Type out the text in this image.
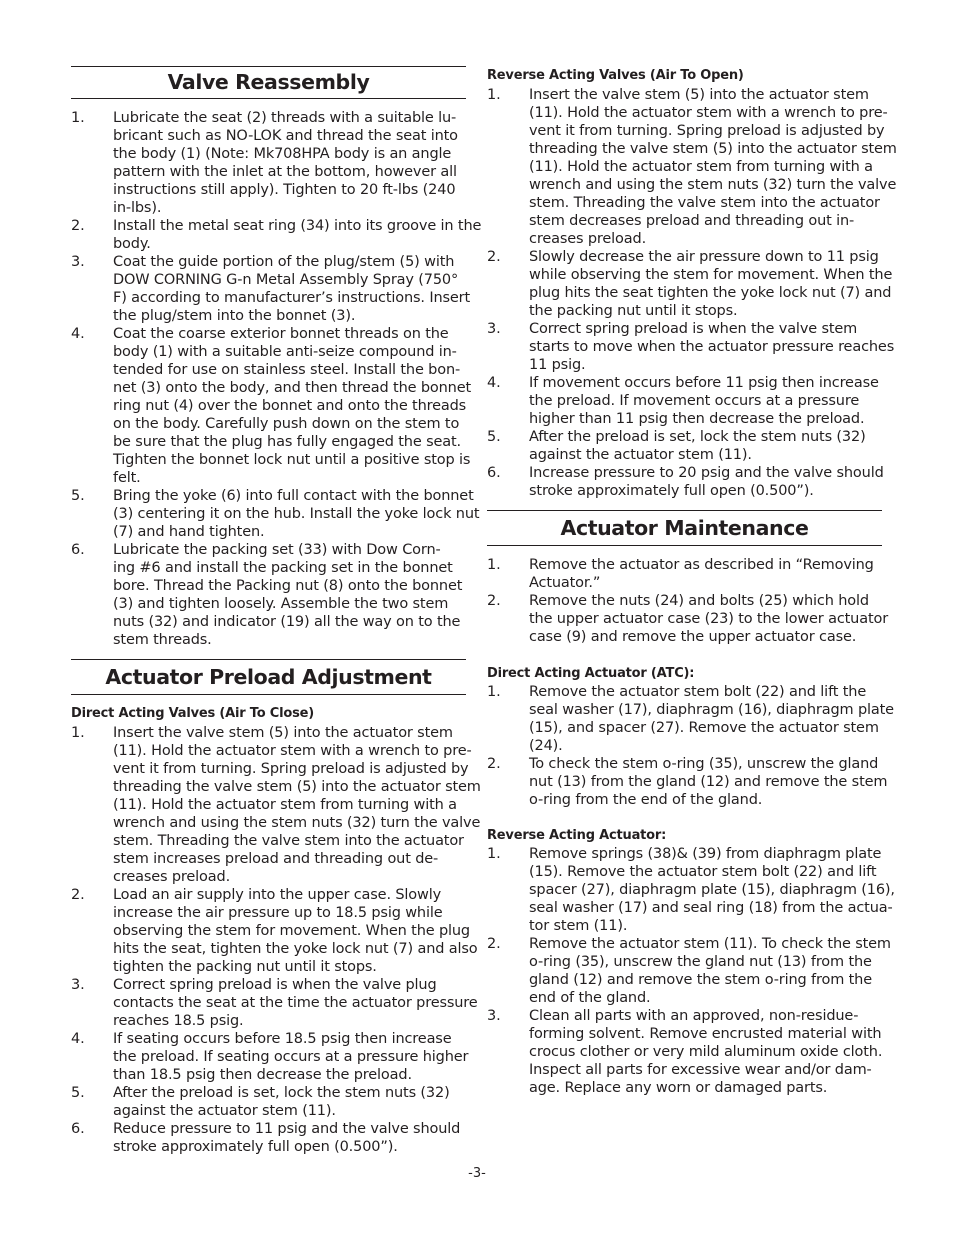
Valve Reassembly
1. Lubricate the seat (2) threads with a suitable lu-
bricant such as NO-LOK and thread the seat into
the body (1) (Note: Mk708HPA body is an angle
pattern with the inlet at the bottom, however all
instructions still apply). Tighten to 20 ft-lbs (240
in-lbs).
2. Install the metal seat ring (34) into its groove in the
body.
3. Coat the guide portion of the plug/stem (5) with
DOW CORNING G-n Metal Assembly Spray (750°
F) according to manufacturer’s instructions. Insert
the plug/stem into the bonnet (3).
4. Coat the coarse exterior bonnet threads on the
body (1) with a suitable anti-seize compound in-
tended for use on stainless steel. Install the bon-
net (3) onto the body, and then thread the bonnet
ring nut (4) over the bonnet and onto the threads
on the body. Carefully push down on the stem to
be sure that the plug has fully engaged the seat.
Tighten the bonnet lock nut until a positive stop is
felt.
5. Bring the yoke (6) into full contact with the bonnet
(3) centering it on the hub. Install the yoke lock nut
(7) and hand tighten.
6. Lubricate the packing set (33) with Dow Corn-
ing #6 and install the packing set in the bonnet
bore. Thread the Packing nut (8) onto the bonnet
(3) and tighten loosely. Assemble the two stem
nuts (32) and indicator (19) all the way on to the
stem threads.
Actuator Preload Adjustment
Direct Acting Valves (Air To Close)
1. Insert the valve stem (5) into the actuator stem
(11). Hold the actuator stem with a wrench to pre-
vent it from turning. Spring preload is adjusted by
threading the valve stem (5) into the actuator stem
(11). Hold the actuator stem from turning with a
wrench and using the stem nuts (32) turn the valve
stem. Threading the valve stem into the actuator
stem increases preload and threading out de-
creases preload.
2. Load an air supply into the upper case. Slowly
increase the air pressure up to 18.5 psig while
observing the stem for movement. When the plug
hits the seat, tighten the yoke lock nut (7) and also
tighten the packing nut until it stops.
3. Correct spring preload is when the valve plug
contacts the seat at the time the actuator pressure
reaches 18.5 psig.
4. If seating occurs before 18.5 psig then increase
the preload. If seating occurs at a pressure higher
than 18.5 psig then decrease the preload.
5. After the preload is set, lock the stem nuts (32)
against the actuator stem (11).
6. Reduce pressure to 11 psig and the valve should
stroke approximately full open (0.500”).
Reverse Acting Valves (Air To Open)
1. Insert the valve stem (5) into the actuator stem
(11). Hold the actuator stem with a wrench to pre-
vent it from turning. Spring preload is adjusted by
threading the valve stem (5) into the actuator stem
(11). Hold the actuator stem from turning with a
wrench and using the stem nuts (32) turn the valve
stem. Threading the valve stem into the actuator
stem decreases preload and threading out in-
creases preload.
2. Slowly decrease the air pressure down to 11 psig
while observing the stem for movement. When the
plug hits the seat tighten the yoke lock nut (7) and
the packing nut until it stops.
3. Correct spring preload is when the valve stem
starts to move when the actuator pressure reaches
11 psig.
4. If movement occurs before 11 psig then increase
the preload. If movement occurs at a pressure
higher than 11 psig then decrease the preload.
5. After the preload is set, lock the stem nuts (32)
against the actuator stem (11).
6. Increase pressure to 20 psig and the valve should
stroke approximately full open (0.500”).
Actuator Maintenance
1. Remove the actuator as described in “Removing
Actuator.”
2. Remove the nuts (24) and bolts (25) which hold
the upper actuator case (23) to the lower actuator
case (9) and remove the upper actuator case.
Direct Acting Actuator (ATC):
1. Remove the actuator stem bolt (22) and lift the
seal washer (17), diaphragm (16), diaphragm plate
(15), and spacer (27). Remove the actuator stem
(24).
2. To check the stem o-ring (35), unscrew the gland
nut (13) from the gland (12) and remove the stem
o-ring from the end of the gland.
Reverse Acting Actuator:
1. Remove springs (38)& (39) from diaphragm plate
(15). Remove the actuator stem bolt (22) and lift
spacer (27), diaphragm plate (15), diaphragm (16),
seal washer (17) and seal ring (18) from the actua-
tor stem (11).
2. Remove the actuator stem (11). To check the stem
o-ring (35), unscrew the gland nut (13) from the
gland (12) and remove the stem o-ring from the
end of the gland.
3. Clean all parts with an approved, non-residue-
forming solvent. Remove encrusted material with
crocus clother or very mild aluminum oxide cloth.
Inspect all parts for excessive wear and/or dam-
age. Replace any worn or damaged parts.
-3-
